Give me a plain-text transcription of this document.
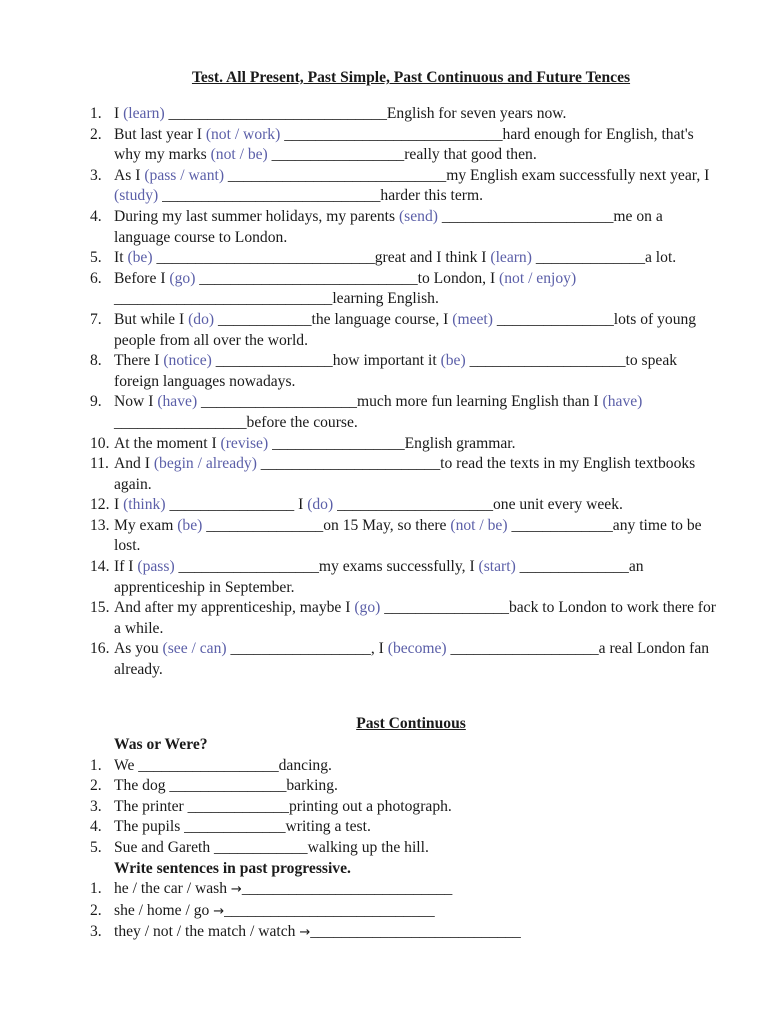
Test. All Present, Past Simple, Past Continuous and Future Tences
1. I (learn) ____________________________English for seven years now.
2. But last year I (not / work) ____________________________hard enough for English, that's why my marks (not / be) _________________really that good then.
3. As I (pass / want) ____________________________my English exam successfully next year, I (study) ____________________________harder this term.
4. During my last summer holidays, my parents (send) ______________________me on a language course to London.
5. It (be) ____________________________great and I think I (learn) ______________a lot.
6. Before I (go) ____________________________to London, I (not / enjoy) ____________________________learning English.
7. But while I (do) ____________the language course, I (meet) _______________lots of young people from all over the world.
8. There I (notice) _______________how important it (be) ____________________to speak foreign languages nowadays.
9. Now I (have) ____________________much more fun learning English than I (have) _________________before the course.
10. At the moment I (revise) _________________English grammar.
11. And I (begin / already) _______________________to read the texts in my English textbooks again.
12. I (think) ________________ I (do) ____________________one unit every week.
13. My exam (be) _______________on 15 May, so there (not / be) _____________any time to be lost.
14. If I (pass) __________________my exams successfully, I (start) ______________an apprenticeship in September.
15. And after my apprenticeship, maybe I (go) ________________back to London to work there for a while.
16. As you (see / can) __________________, I (become) ___________________a real London fan already.
Past Continuous
Was or Were?
1. We __________________dancing.
2. The dog _______________barking.
3. The printer _____________printing out a photograph.
4. The pupils _____________writing a test.
5. Sue and Gareth ____________walking up the hill.
Write sentences in past progressive.
1. he / the car / wash →___________________________
2. she / home / go →___________________________
3. they / not / the match / watch →___________________________
